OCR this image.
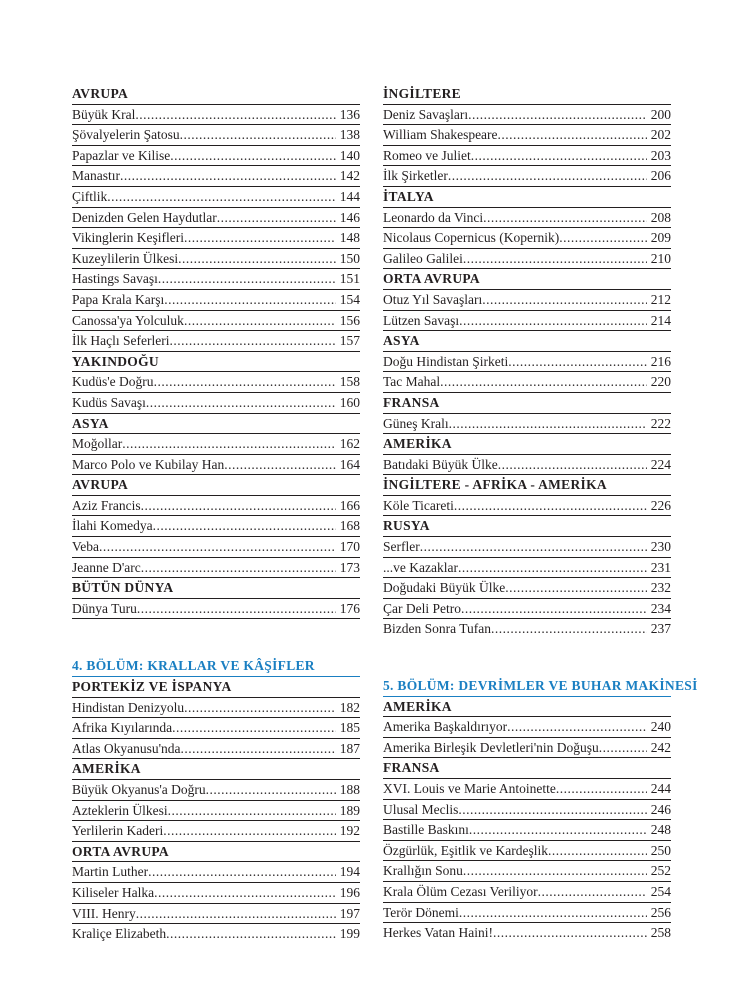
AVRUPA
Büyük Kral .....	136
Şövalyelerin Şatosu .....	138
Papazlar ve Kilise .....	140
Manastır .....	142
Çiftlik .....	144
Denizden Gelen Haydutlar .....	146
Vikinglerin Keşifleri .....	148
Kuzeylilerin Ülkesi .....	150
Hastings Savaşı .....	151
Papa Krala Karşı .....	154
Canossa'ya Yolculuk .....	156
İlk Haçlı Seferleri .....	157
YAKINDOĞU
Kudüs'e Doğru .....	158
Kudüs Savaşı .....	160
ASYA
Moğollar .....	162
Marco Polo ve Kubilay Han .....	164
AVRUPA
Aziz Francis .....	166
İlahi Komedya .....	168
Veba .....	170
Jeanne D'arc .....	173
BÜTÜN DÜNYA
Dünya Turu .....	176
4. BÖLÜM: KRALLAR VE KÂŞİFLER
PORTEKİZ VE İSPANYA
Hindistan Denizyolu .....	182
Afrika Kıyılarında .....	185
Atlas Okyanusu'nda .....	187
AMERİKA
Büyük Okyanus'a Doğru .....	188
Azteklerin Ülkesi .....	189
Yerlilerin Kaderi .....	192
ORTA AVRUPA
Martin Luther .....	194
Kiliseler Halka .....	196
VIII. Henry .....	197
Kraliçe Elizabeth .....	199
İNGİLTERE
Deniz Savaşları .....	200
William Shakespeare .....	202
Romeo ve Juliet .....	203
İlk Şirketler .....	206
İTALYA
Leonardo da Vinci .....	208
Nicolaus Copernicus (Kopernik) .....	209
Galileo Galilei .....	210
ORTA AVRUPA
Otuz Yıl Savaşları .....	212
Lützen Savaşı .....	214
ASYA
Doğu Hindistan Şirketi .....	216
Tac Mahal .....	220
FRANSA
Güneş Kralı .....	222
AMERİKA
Batıdaki Büyük Ülke .....	224
İNGİLTERE - AFRİKA - AMERİKA
Köle Ticareti .....	226
RUSYA
Serfler .....	230
...ve Kazaklar .....	231
Doğudaki Büyük Ülke .....	232
Çar Deli Petro .....	234
Bizden Sonra Tufan .....	237
5. BÖLÜM: DEVRİMLER VE BUHAR MAKİNESİ
AMERİKA
Amerika Başkaldırıyor .....	240
Amerika Birleşik Devletleri'nin Doğuşu .....	242
FRANSA
XVI. Louis ve Marie Antoinette .....	244
Ulusal Meclis .....	246
Bastille Baskını .....	248
Özgürlük, Eşitlik ve Kardeşlik .....	250
Krallığın Sonu .....	252
Krala Ölüm Cezası Veriliyor .....	254
Terör Dönemi .....	256
Herkes Vatan Haini! .....	258
